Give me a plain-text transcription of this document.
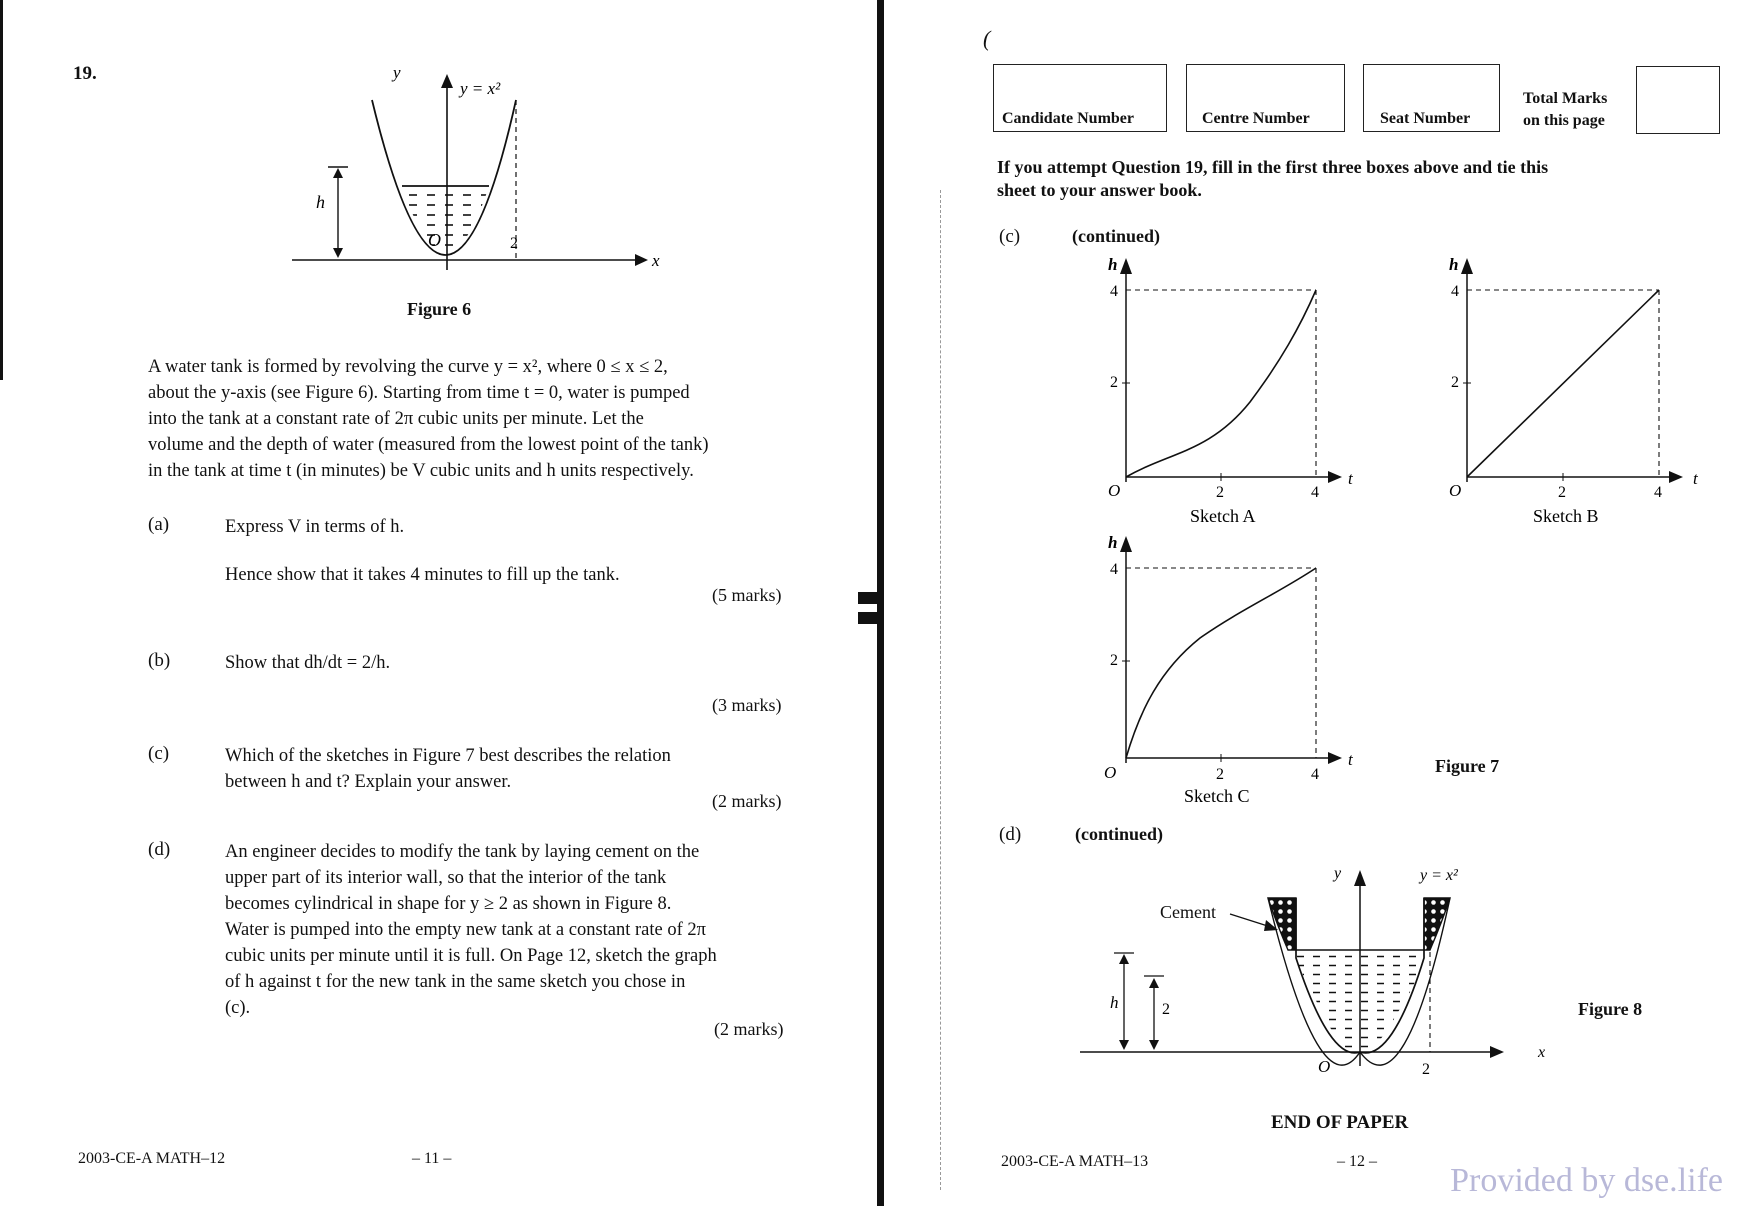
19.
h
O	2
x
y
y = x²
Figure 6
A water tank is formed by revolving the curve y = x², where 0 ≤ x ≤ 2,
about the y-axis (see Figure 6). Starting from time t = 0, water is pumped
into the tank at a constant rate of 2π cubic units per minute. Let the
volume and the depth of water (measured from the lowest point of the tank)
in the tank at time t (in minutes) be V cubic units and h units respectively.
(a)	Express V in terms of h.
Hence show that it takes 4 minutes to fill up the tank.
(5 marks)
(b)	Show that dh/dt = 2/h.
(3 marks)
(c)	Which of the sketches in Figure 7 best describes the relation
between h and t? Explain your answer.
(2 marks)
(d)	An engineer decides to modify the tank by laying cement on the
upper part of its interior wall, so that the interior of the tank
becomes cylindrical in shape for y ≥ 2 as shown in Figure 8.
Water is pumped into the empty new tank at a constant rate of 2π
cubic units per minute until it is full. On Page 12, sketch the graph
of h against t for the new tank in the same sketch you chose in
(c).
(2 marks)
2003-CE-A MATH–12	– 11 –
(
Candidate Number	Centre Number	Seat Number
Total Marks
on this page
If you attempt Question 19, fill in the first three boxes above and tie this
sheet to your answer book.
(c)	(continued)
O	2	4
2
4
h
t
Sketch A
O	2	4
2
4
h
t
Sketch B
O	2	4
2
4
h
t
Sketch C
Figure 7
(d)	(continued)
h	2
O	2
x
y	y = x²
Cement
Figure 8
END OF PAPER
2003-CE-A MATH–13	– 12 –
Provided by dse.life
